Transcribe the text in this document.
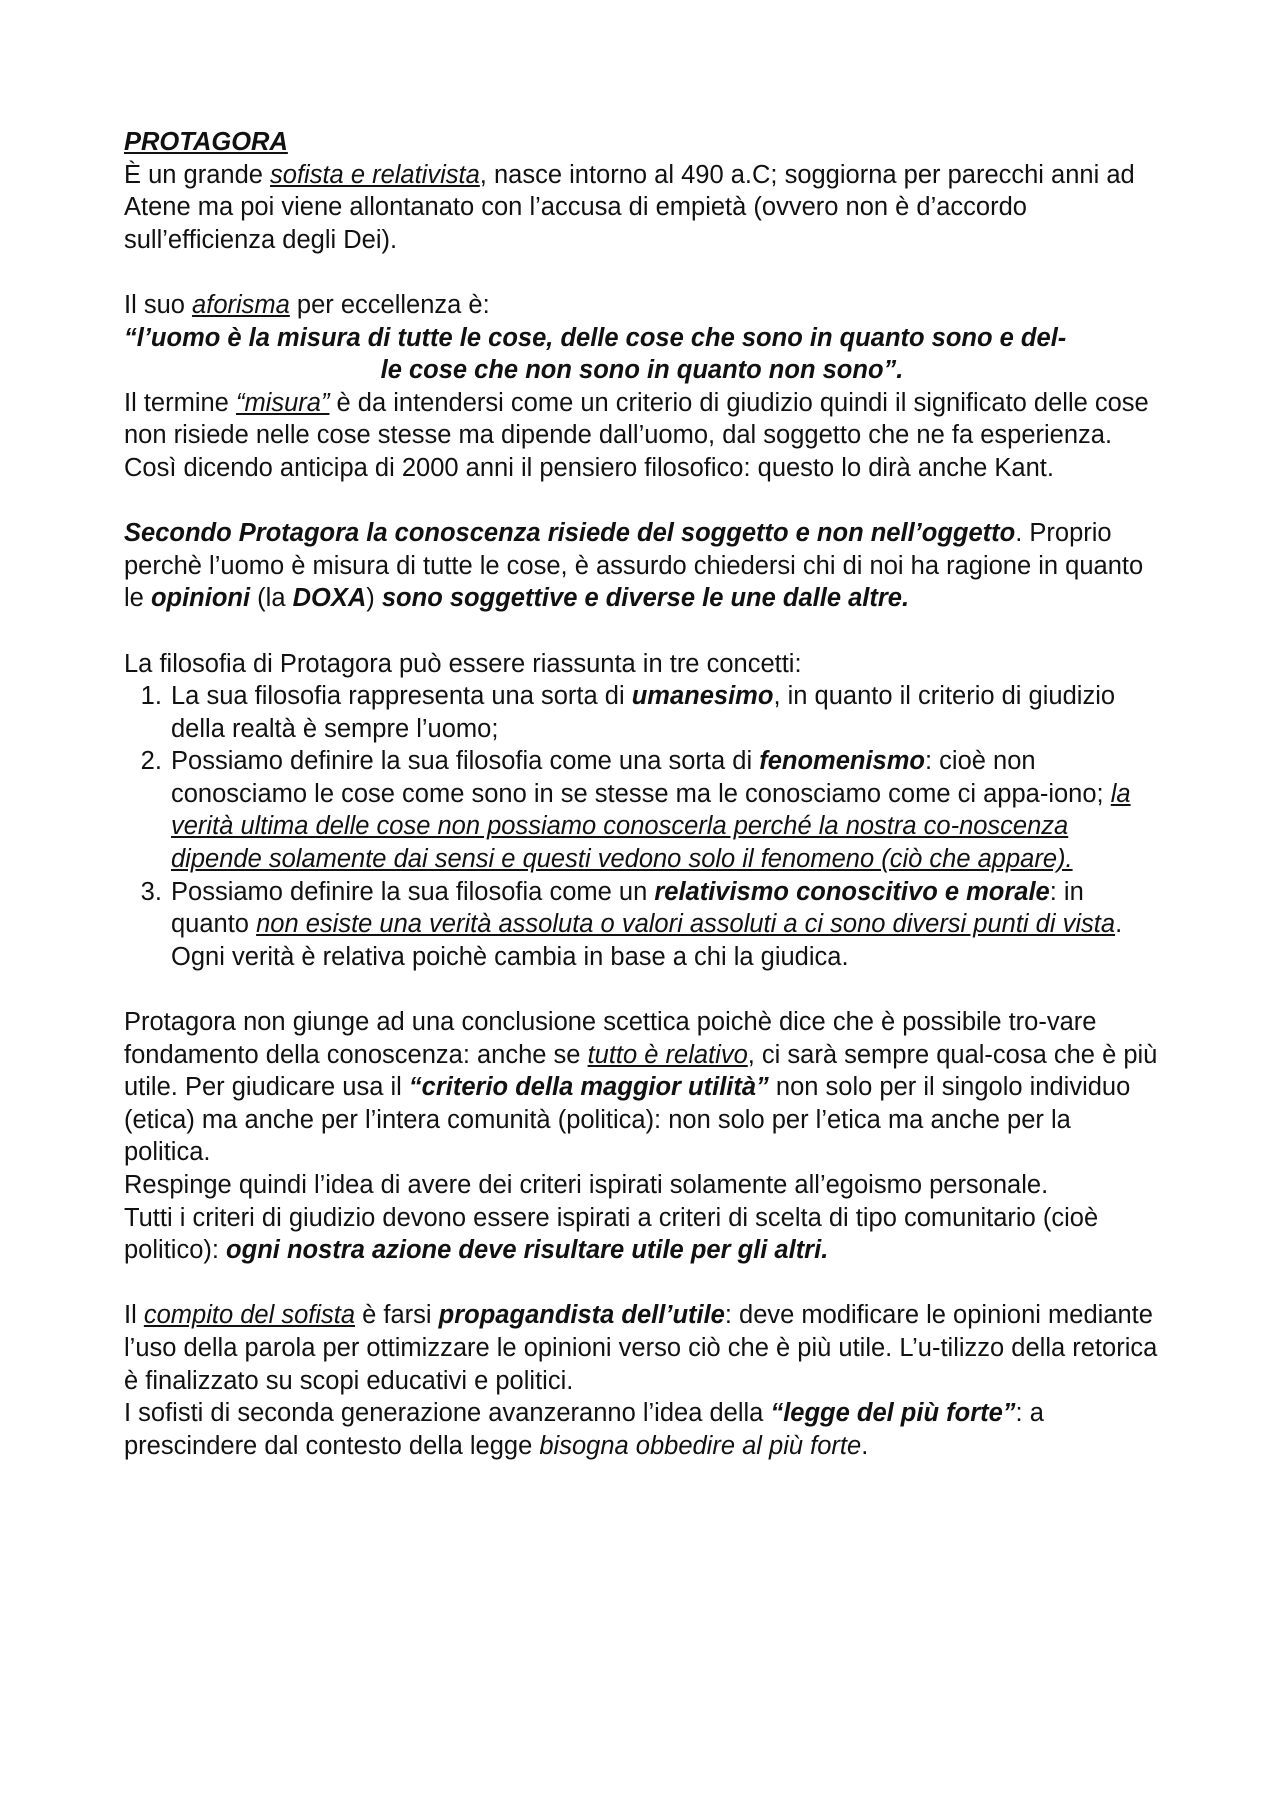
PROTAGORA

È un grande sofista e relativista, nasce intorno al 490 a.C; soggiorna per parecchi anni ad Atene ma poi viene allontanato con l’accusa di empietà (ovvero non è d’accordo sull’efficienza degli Dei).

Il suo aforisma per eccellenza è:

“l’uomo è la misura di tutte le cose, delle cose che sono in quanto sono e del-
le cose che non sono in quanto non sono”.

Il termine “misura” è da intendersi come un criterio di giudizio quindi il significato delle cose non risiede nelle cose stesse ma dipende dall’uomo, dal soggetto che ne fa esperienza. Così dicendo anticipa di 2000 anni il pensiero filosofico: questo lo dirà anche Kant.

Secondo Protagora la conoscenza risiede del soggetto e non nell’oggetto. Proprio perchè l’uomo è misura di tutte le cose, è assurdo chiedersi chi di noi ha ragione in quanto le opinioni (la DOXA) sono soggettive e diverse le une dalle altre.

La filosofia di Protagora può essere riassunta in tre concetti:

1. La sua filosofia rappresenta una sorta di umanesimo, in quanto il criterio di giudizio della realtà è sempre l’uomo;
2. Possiamo definire la sua filosofia come una sorta di fenomenismo: cioè non conosciamo le cose come sono in se stesse ma le conosciamo come ci appa-iono; la verità ultima delle cose non possiamo conoscerla perché la nostra co-noscenza dipende solamente dai sensi e questi vedono solo il fenomeno (ciò che appare).
3. Possiamo definire la sua filosofia come un relativismo conoscitivo e morale: in quanto non esiste una verità assoluta o valori assoluti a ci sono diversi punti di vista. Ogni verità è relativa poichè cambia in base a chi la giudica.

Protagora non giunge ad una conclusione scettica poichè dice che è possibile tro-vare fondamento della conoscenza: anche se tutto è relativo, ci sarà sempre qual-cosa che è più utile. Per giudicare usa il “criterio della maggior utilità” non solo per il singolo individuo (etica) ma anche per l’intera comunità (politica): non solo per l’etica ma anche per la politica.

Respinge quindi l’idea di avere dei criteri ispirati solamente all’egoismo personale.

Tutti i criteri di giudizio devono essere ispirati a criteri di scelta di tipo comunitario (cioè politico): ogni nostra azione deve risultare utile per gli altri.

Il compito del sofista è farsi propagandista dell’utile: deve modificare le opinioni mediante l’uso della parola per ottimizzare le opinioni verso ciò che è più utile. L’u-tilizzo della retorica è finalizzato su scopi educativi e politici.

I sofisti di seconda generazione avanzeranno l’idea della “legge del più forte”: a prescindere dal contesto della legge bisogna obbedire al più forte.
